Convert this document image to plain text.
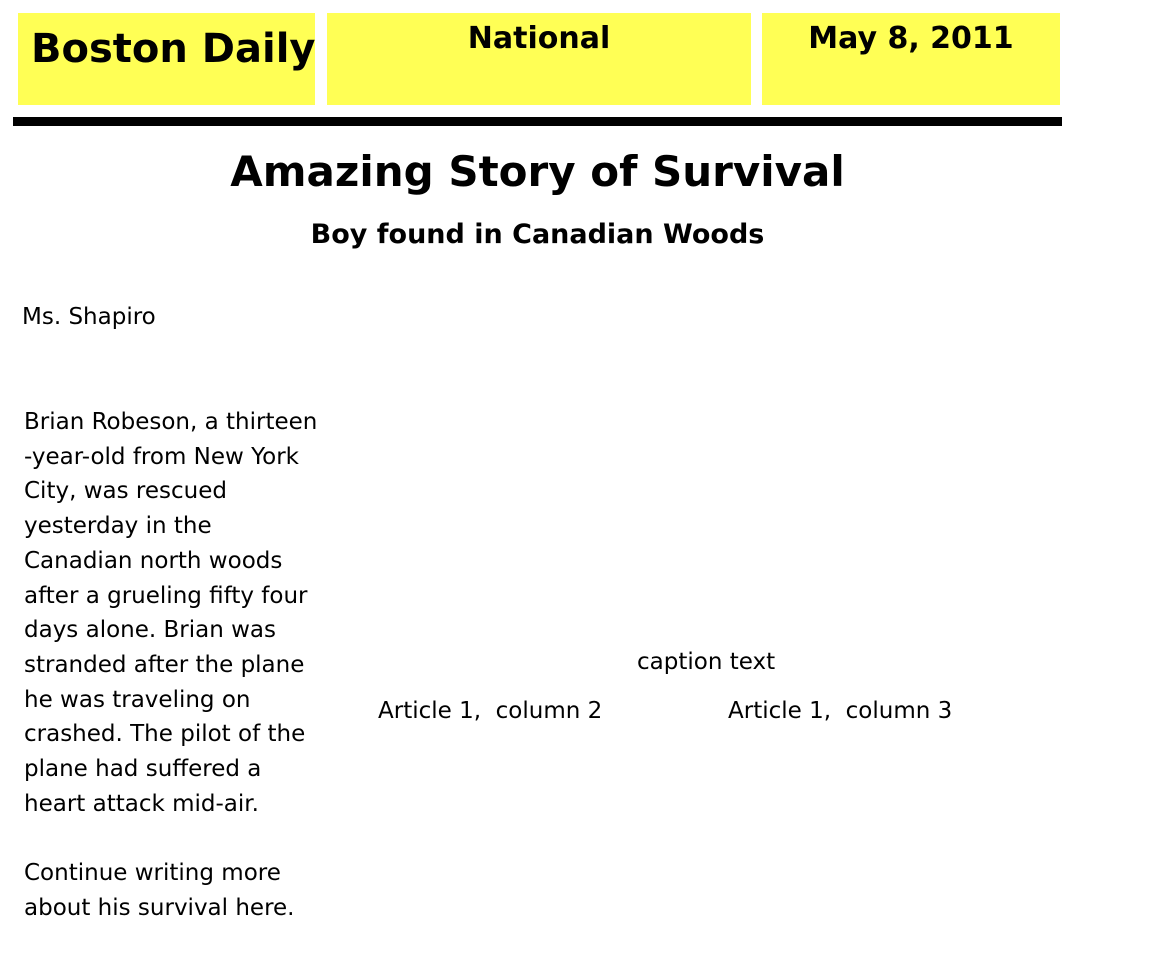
Boston Daily	National	May 8, 2011
Amazing Story of Survival
Boy found in Canadian Woods
Ms. Shapiro

Brian Robeson, a thirteen
-year-old from New York
City, was rescued
yesterday in the
Canadian north woods
after a grueling fifty four
days alone. Brian was
stranded after the plane
he was traveling on
crashed. The pilot of the
plane had suffered a
heart attack mid-air.

Continue writing more
about his survival here.

caption text
Article 1,  column 2	Article 1,  column 3
